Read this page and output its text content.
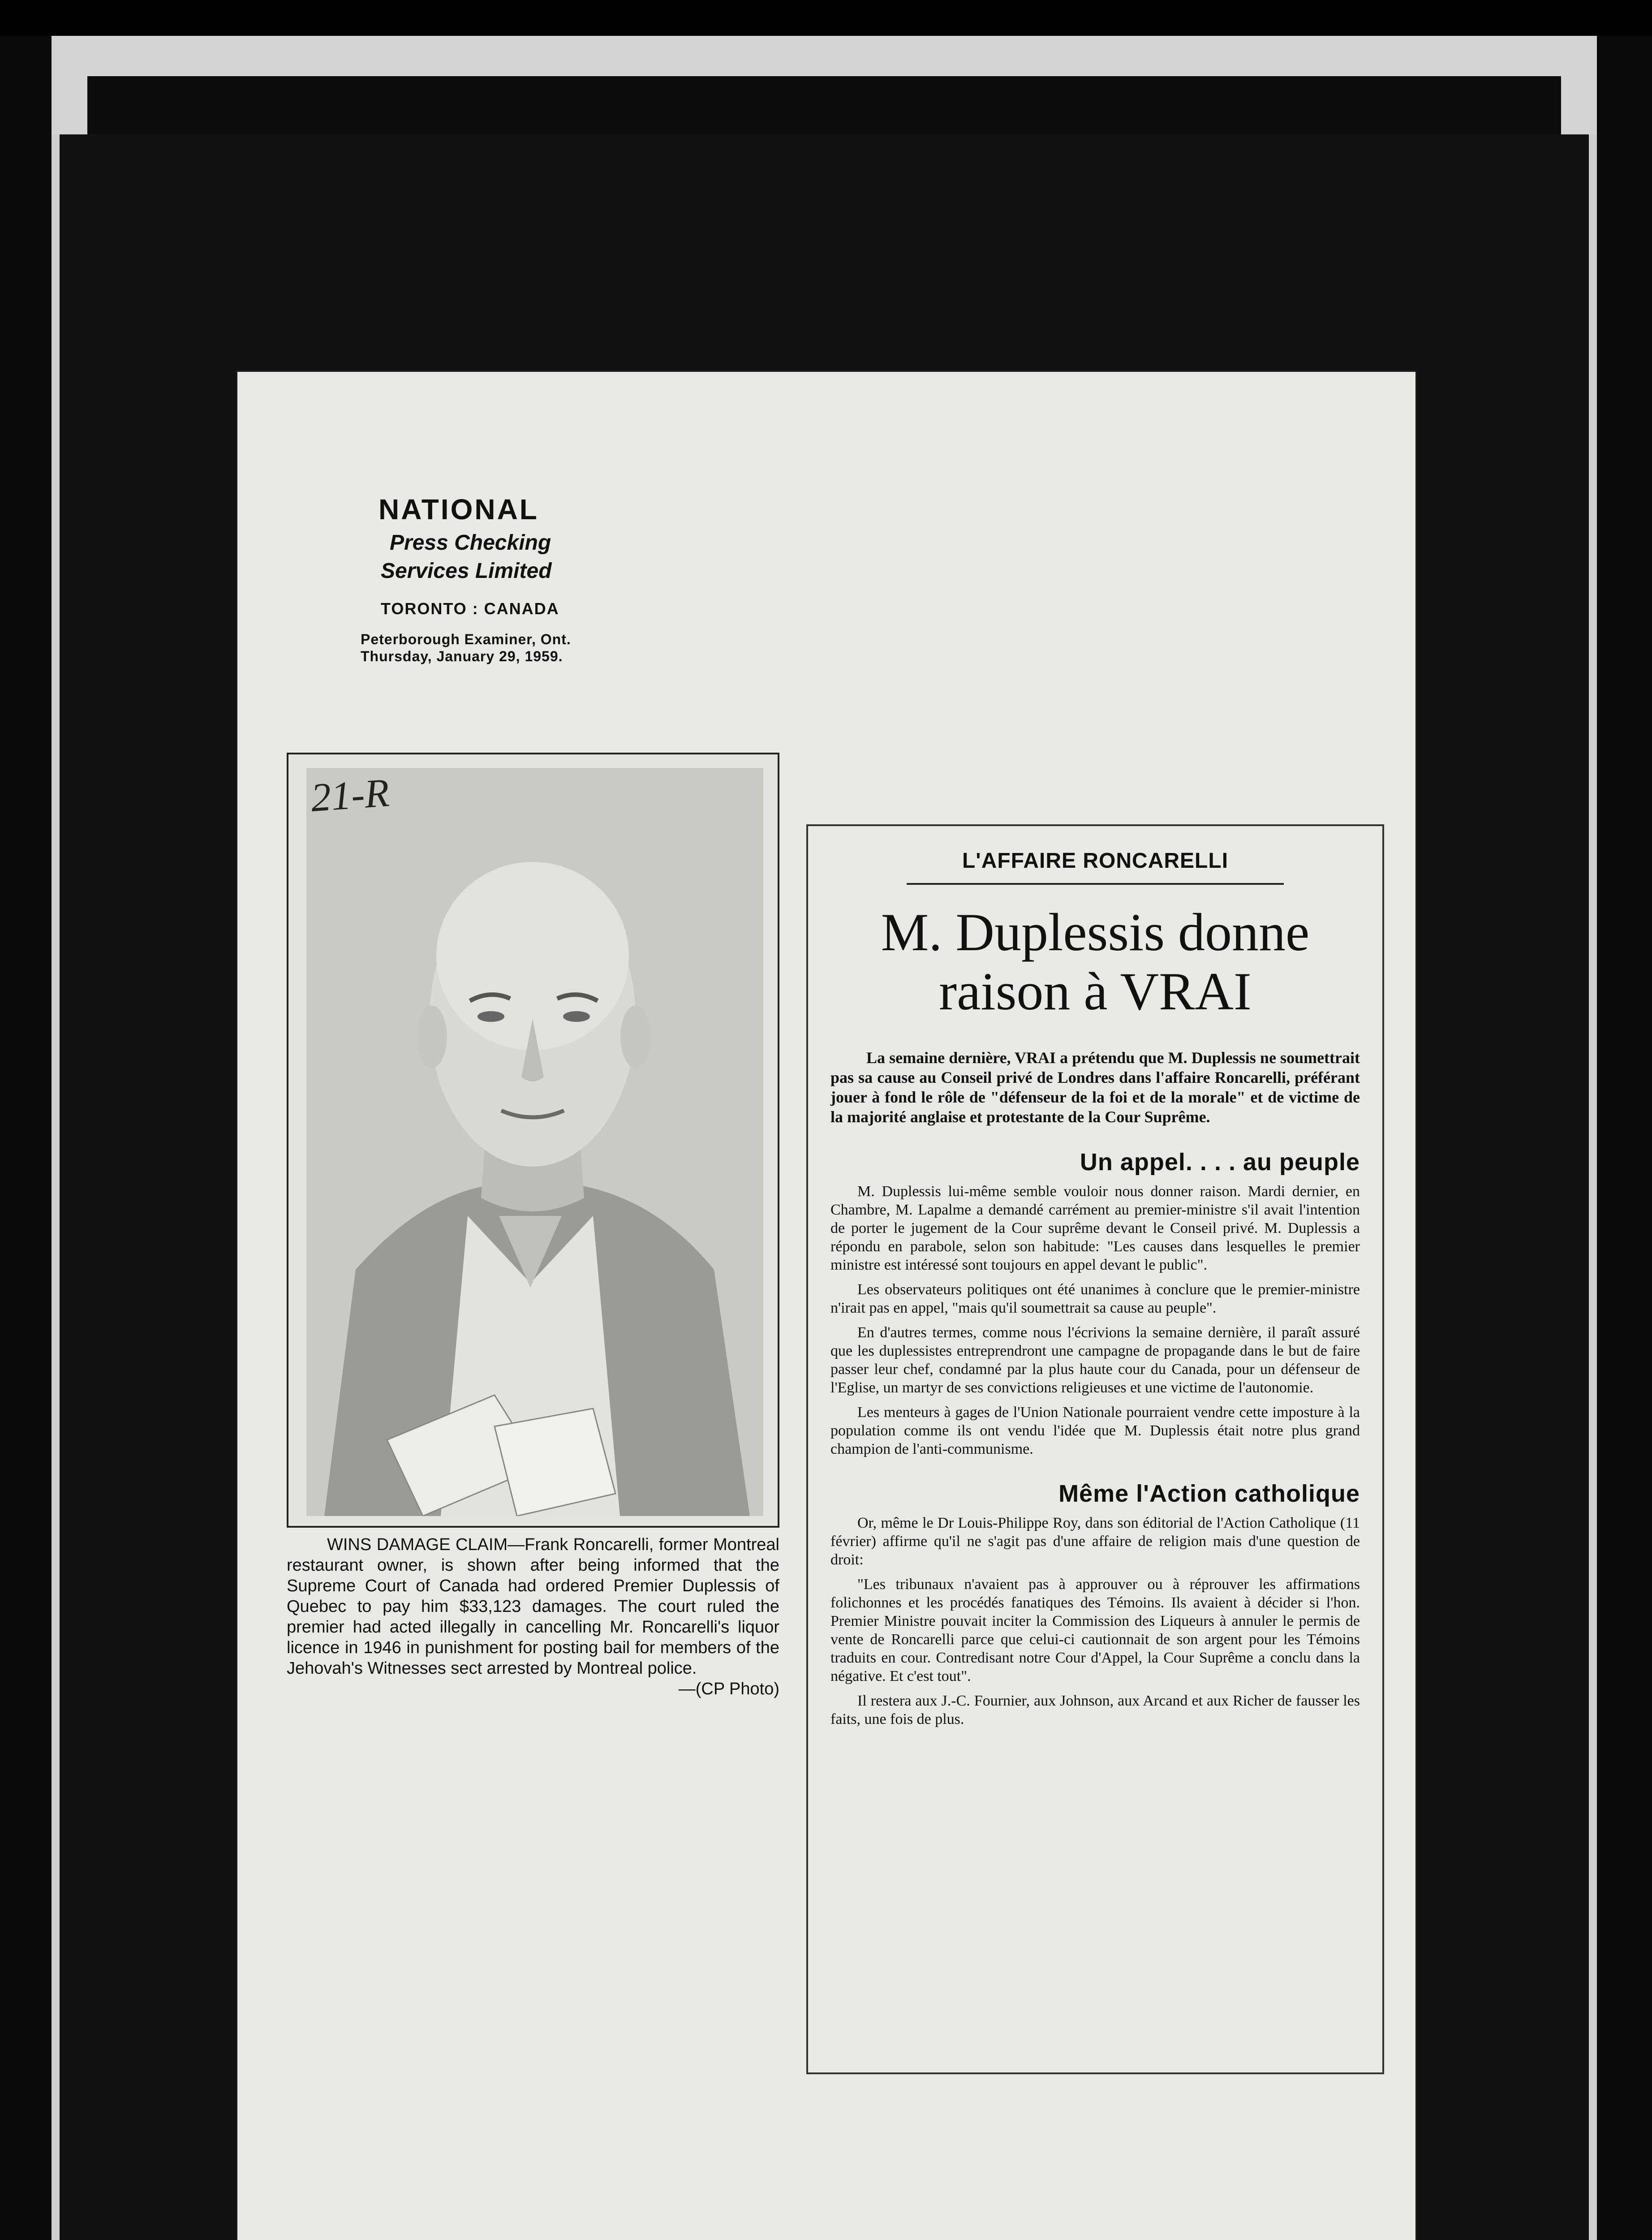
NATIONAL
Press Checking
Services Limited
TORONTO : CANADA
Peterborough Examiner, Ont.
Thursday, January 29, 1959.
21-R
WINS DAMAGE CLAIM—Frank Roncarelli, former Montreal restaurant owner, is shown after being informed that the Supreme Court of Canada had ordered Premier Duplessis of Quebec to pay him $33,123 damages. The court ruled the premier had acted illegally in cancelling Mr. Roncarelli's liquor licence in 1946 in punishment for posting bail for members of the Jehovah's Witnesses sect arrested by Montreal police.
—(CP Photo)
L'AFFAIRE RONCARELLI
M. Duplessis donne
raison à VRAI

La semaine dernière, VRAI a prétendu que M. Duplessis ne soumettrait pas sa cause au Conseil privé de Londres dans l'affaire Roncarelli, préférant jouer à fond le rôle de "défenseur de la foi et de la morale" et de victime de la majorité anglaise et protestante de la Cour Suprême.

Un appel. . . . au peuple

M. Duplessis lui-même semble vouloir nous donner raison. Mardi dernier, en Chambre, M. Lapalme a demandé carrément au premier-ministre s'il avait l'intention de porter le jugement de la Cour suprême devant le Conseil privé. M. Duplessis a répondu en parabole, selon son habitude: "Les causes dans lesquelles le premier ministre est intéressé sont toujours en appel devant le public".

Les observateurs politiques ont été unanimes à conclure que le premier-ministre n'irait pas en appel, "mais qu'il soumettrait sa cause au peuple".

En d'autres termes, comme nous l'écrivions la semaine dernière, il paraît assuré que les duplessistes entreprendront une campagne de propagande dans le but de faire passer leur chef, condamné par la plus haute cour du Canada, pour un défenseur de l'Eglise, un martyr de ses convictions religieuses et une victime de l'autonomie.

Les menteurs à gages de l'Union Nationale pourraient vendre cette imposture à la population comme ils ont vendu l'idée que M. Duplessis était notre plus grand champion de l'anti-communisme.

Même l'Action catholique

Or, même le Dr Louis-Philippe Roy, dans son éditorial de l'Action Catholique (11 février) affirme qu'il ne s'agit pas d'une affaire de religion mais d'une question de droit:

"Les tribunaux n'avaient pas à approuver ou à réprouver les affirmations folichonnes et les procédés fanatiques des Témoins. Ils avaient à décider si l'hon. Premier Ministre pouvait inciter la Commission des Liqueurs à annuler le permis de vente de Roncarelli parce que celui-ci cautionnait de son argent pour les Témoins traduits en cour. Contredisant notre Cour d'Appel, la Cour Suprême a conclu dans la négative. Et c'est tout".

Il restera aux J.-C. Fournier, aux Johnson, aux Arcand et aux Richer de fausser les faits, une fois de plus.
